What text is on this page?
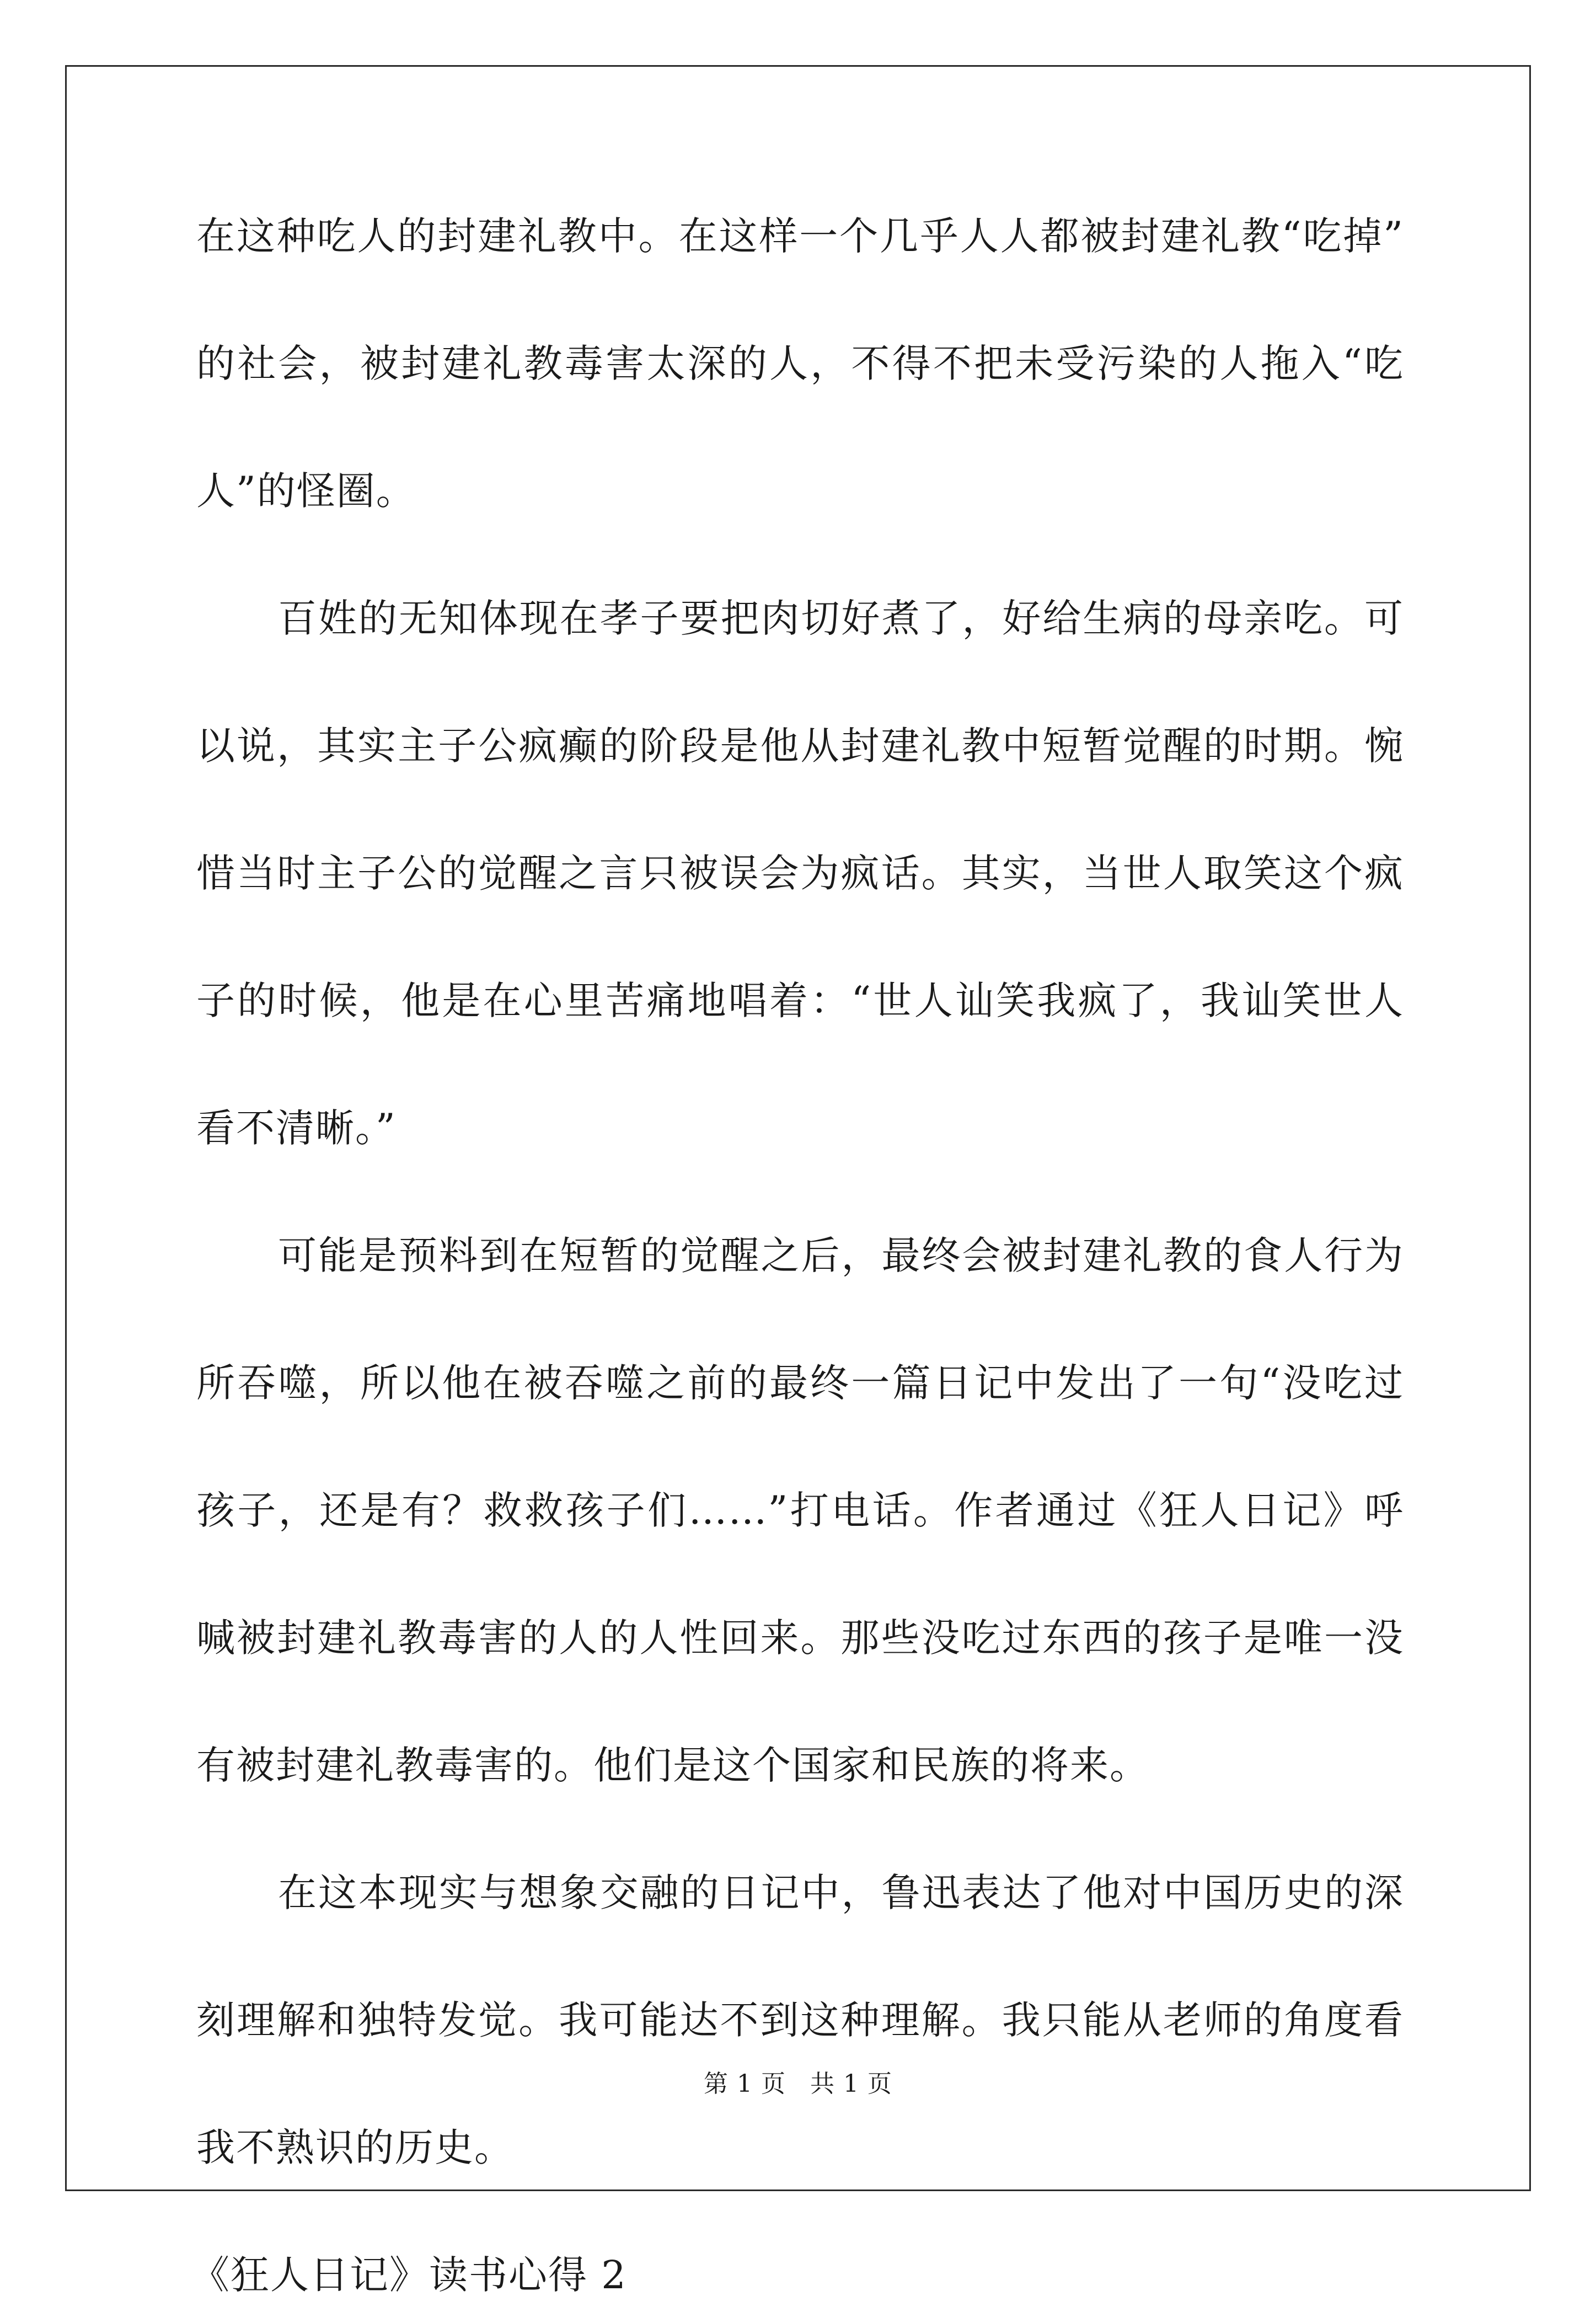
在这种吃人的封建礼教中。在这样一个几乎人人都被封建礼教“吃掉”
的社会，被封建礼教毒害太深的人，不得不把未受污染的人拖入“吃
人”的怪圈。
百姓的无知体现在孝子要把肉切好煮了，好给生病的母亲吃。可
以说，其实主子公疯癫的阶段是他从封建礼教中短暂觉醒的时期。惋
惜当时主子公的觉醒之言只被误会为疯话。其实，当世人取笑这个疯
子的时候，他是在心里苦痛地唱着：“世人讪笑我疯了，我讪笑世人
看不清晰。”
可能是预料到在短暂的觉醒之后，最终会被封建礼教的食人行为
所吞噬，所以他在被吞噬之前的最终一篇日记中发出了一句“没吃过
孩子，还是有？救救孩子们……”打电话。作者通过《狂人日记》呼
喊被封建礼教毒害的人的人性回来。那些没吃过东西的孩子是唯一没
有被封建礼教毒害的。他们是这个国家和民族的将来。
在这本现实与想象交融的日记中，鲁迅表达了他对中国历史的深
刻理解和独特发觉。我可能达不到这种理解。我只能从老师的角度看
我不熟识的历史。
《狂人日记》读书心得 2
第 1 页 共 1 页
